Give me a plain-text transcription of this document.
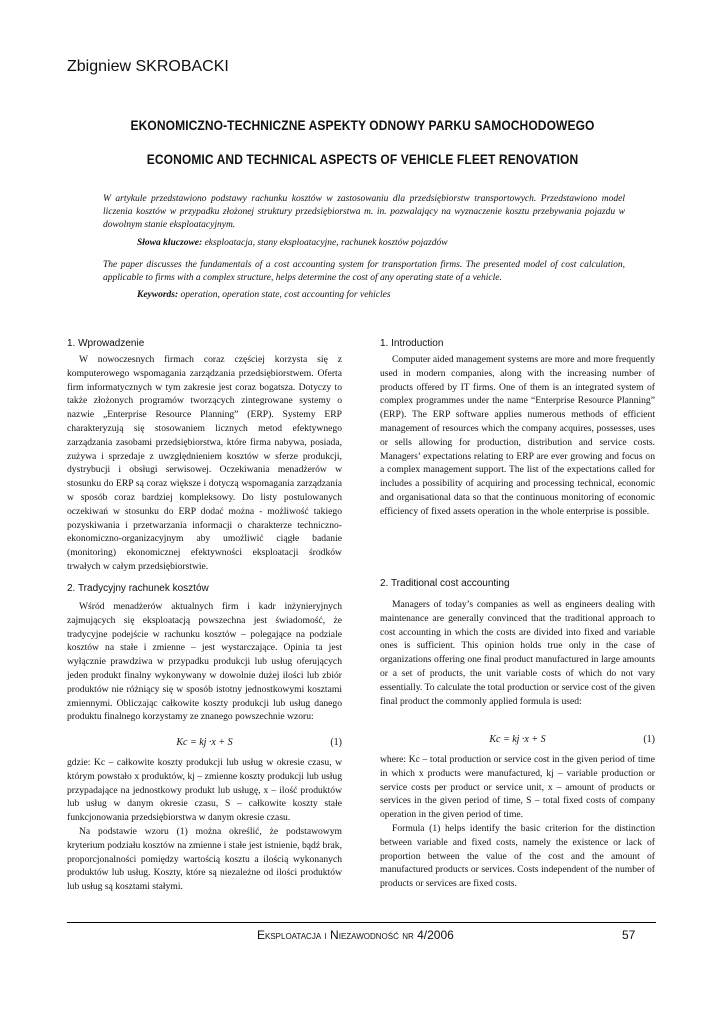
Zbigniew SKROBACKI
EKONOMICZNO-TECHNICZNE ASPEKTY ODNOWY PARKU SAMOCHODOWEGO
ECONOMIC AND TECHNICAL ASPECTS OF VEHICLE FLEET RENOVATION
W artykule przedstawiono podstawy rachunku kosztów w zastosowaniu dla przedsiębiorstw transportowych. Przedstawiono model liczenia kosztów w przypadku złożonej struktury przedsiębiorstwa m. in. pozwalający na wyznaczenie kosztu przebywania pojazdu w dowolnym stanie eksploatacyjnym.
Słowa kluczowe: eksploatacja, stany eksploatacyjne, rachunek kosztów pojazdów
The paper discusses the fundamentals of a cost accounting system for transportation firms. The presented model of cost calculation, applicable to firms with a complex structure, helps determine the cost of any operating state of a vehicle.
Keywords: operation, operation state, cost accounting for vehicles
1. Wprowadzenie

W nowoczesnych firmach coraz częściej korzysta się z komputerowego wspomagania zarządzania przedsiębiorstwem. Oferta firm informatycznych w tym zakresie jest coraz bogatsza. Dotyczy to także złożonych programów tworzących zintegrowane systemy o nazwie „Enterprise Resource Planning” (ERP). Systemy ERP charakteryzują się stosowaniem licznych metod efektywnego zarządzania zasobami przedsiębiorstwa, które firma nabywa, posiada, zużywa i sprzedaje z uwzględnieniem kosztów w sferze produkcji, dystrybucji i obsługi serwisowej. Oczekiwania menadżerów w stosunku do ERP są coraz większe i dotyczą wspomagania zarządzania w sposób coraz bardziej kompleksowy. Do listy postulowanych oczekiwań w stosunku do ERP dodać można - możliwość takiego pozyskiwania i przetwarzania informacji o charakterze techniczno-ekonomiczno-organizacyjnym aby umożliwić ciągłe badanie (monitoring) ekonomicznej efektywności eksploatacji środków trwałych w całym przedsiębiorstwie.

2. Tradycyjny rachunek kosztów

Wśród menadżerów aktualnych firm i kadr inżynieryjnych zajmujących się eksploatacją powszechna jest świadomość, że tradycyjne podejście w rachunku kosztów – polegające na podziale kosztów na stałe i zmienne – jest wystarczające. Opinia ta jest wyłącznie prawdziwa w przypadku produkcji lub usług oferujących jeden produkt finalny wykonywany w dowolnie dużej ilości lub zbiór produktów nie różniący się w sposób istotny jednostkowymi kosztami zmiennymi. Obliczając całkowite koszty produkcji lub usług danego produktu finalnego korzystamy ze znanego powszechnie wzoru:

Kc = kj ·x + S	(1)

gdzie: Kc – całkowite koszty produkcji lub usług w okresie czasu, w którym powstało x produktów, kj – zmienne koszty produkcji lub usług przypadające na jednostkowy produkt lub usługę, x – ilość produktów lub usług w danym okresie czasu, S – całkowite koszty stałe funkcjonowania przedsiębiorstwa w danym okresie czasu.

Na podstawie wzoru (1) można określić, że podstawowym kryterium podziału kosztów na zmienne i stałe jest istnienie, bądź brak, proporcjonalności pomiędzy wartością kosztu a ilością wykonanych produktów lub usług. Koszty, które są niezależne od ilości produktów lub usług są kosztami stałymi.

1. Introduction

Computer aided management systems are more and more frequently used in modern companies, along with the increasing number of products offered by IT firms. One of them is an integrated system of complex programmes under the name “Enterprise Resource Planning” (ERP). The ERP software applies numerous methods of efficient management of resources which the company acquires, possesses, uses or sells allowing for production, distribution and service costs. Managers’ expectations relating to ERP are ever growing and focus on a complex management support. The list of the expectations called for includes a possibility of acquiring and processing technical, economic and organisational data so that the continuous monitoring of economic efficiency of fixed assets operation in the whole enterprise is possible.

2. Traditional cost accounting

Managers of today’s companies as well as engineers dealing with maintenance are generally convinced that the traditional approach to cost accounting in which the costs are divided into fixed and variable ones is sufficient. This opinion holds true only in the case of organizations offering one final product manufactured in large amounts or a set of products, the unit variable costs of which do not vary essentially. To calculate the total production or service cost of the given final product the commonly applied formula is used:

Kc = kj ·x + S	(1)

where: Kc – total production or service cost in the given period of time in which x products were manufactured, kj – variable production or service costs per product or service unit, x – amount of products or services in the given period of time, S – total fixed costs of company operation in the given period of time.

Formula (1) helps identify the basic criterion for the distinction between variable and fixed costs, namely the existence or lack of proportion between the value of the cost and the amount of manufactured products or services. Costs independent of the number of products or services are fixed costs.

Eksploatacja i Niezawodność nr 4/2006	57
